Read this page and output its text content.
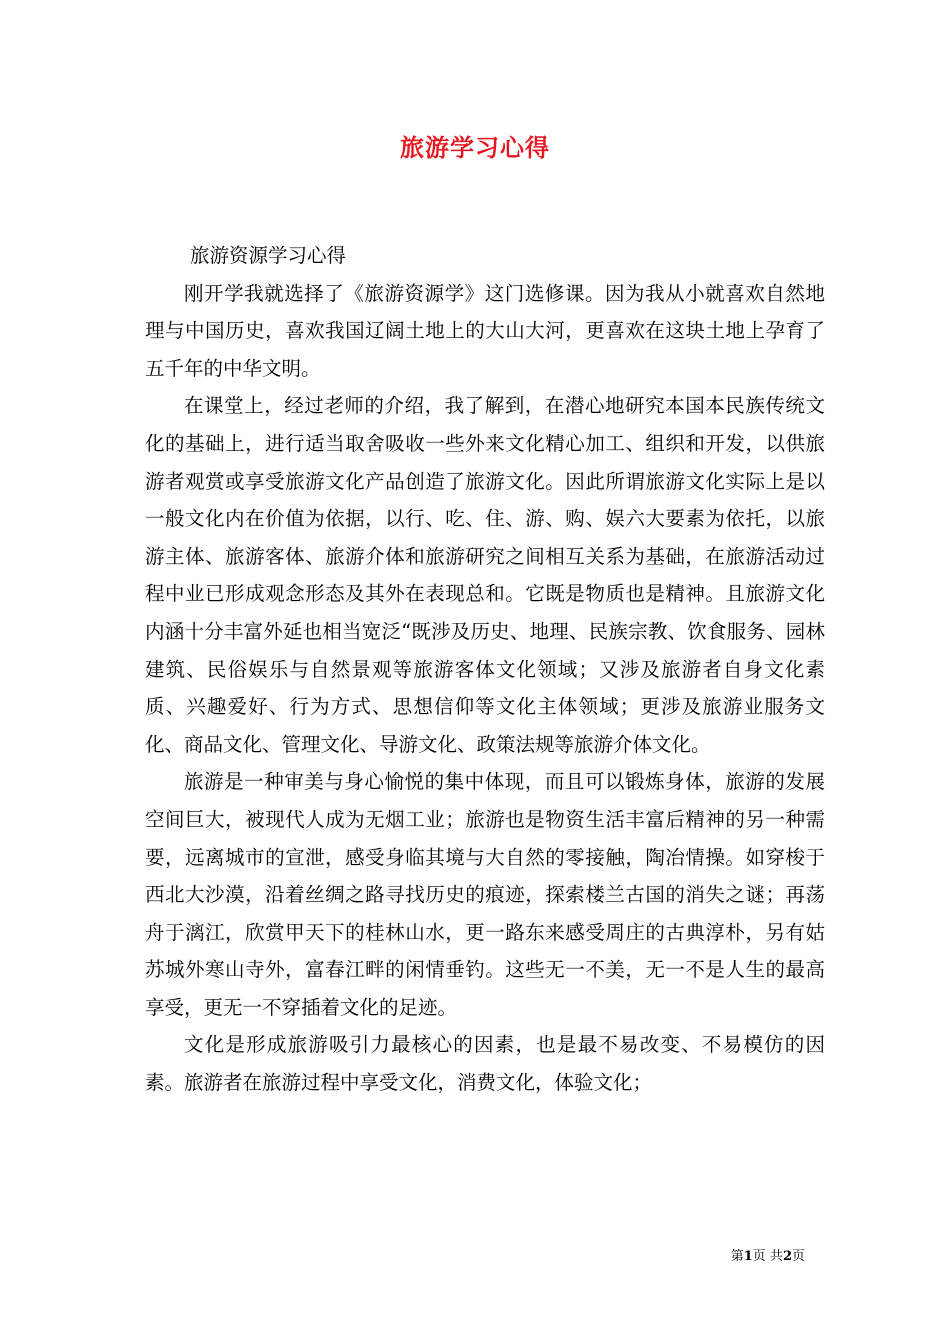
旅游学习心得

旅游资源学习心得

刚开学我就选择了《旅游资源学》这门选修课。因为我从小就喜欢自然地理与中国历史，喜欢我国辽阔土地上的大山大河，更喜欢在这块土地上孕育了五千年的中华文明。

在课堂上，经过老师的介绍，我了解到，在潜心地研究本国本民族传统文化的基础上，进行适当取舍吸收一些外来文化精心加工、组织和开发，以供旅游者观赏或享受旅游文化产品创造了旅游文化。因此所谓旅游文化实际上是以一般文化内在价值为依据，以行、吃、住、游、购、娱六大要素为依托，以旅游主体、旅游客体、旅游介体和旅游研究之间相互关系为基础，在旅游活动过程中业已形成观念形态及其外在表现总和。它既是物质也是精神。且旅游文化内涵十分丰富外延也相当宽泛“既涉及历史、地理、民族宗教、饮食服务、园林建筑、民俗娱乐与自然景观等旅游客体文化领域；又涉及旅游者自身文化素质、兴趣爱好、行为方式、思想信仰等文化主体领域；更涉及旅游业服务文化、商品文化、管理文化、导游文化、政策法规等旅游介体文化。

旅游是一种审美与身心愉悦的集中体现，而且可以锻炼身体，旅游的发展空间巨大，被现代人成为无烟工业；旅游也是物资生活丰富后精神的另一种需要，远离城市的宣泄，感受身临其境与大自然的零接触，陶冶情操。如穿梭于西北大沙漠，沿着丝绸之路寻找历史的痕迹，探索楼兰古国的消失之谜；再荡舟于漓江，欣赏甲天下的桂林山水，更一路东来感受周庄的古典淳朴，另有姑苏城外寒山寺外，富春江畔的闲情垂钓。这些无一不美，无一不是人生的最高享受，更无一不穿插着文化的足迹。

文化是形成旅游吸引力最核心的因素，也是最不易改变、不易模仿的因素。旅游者在旅游过程中享受文化，消费文化，体验文化；

第1页 共2页
